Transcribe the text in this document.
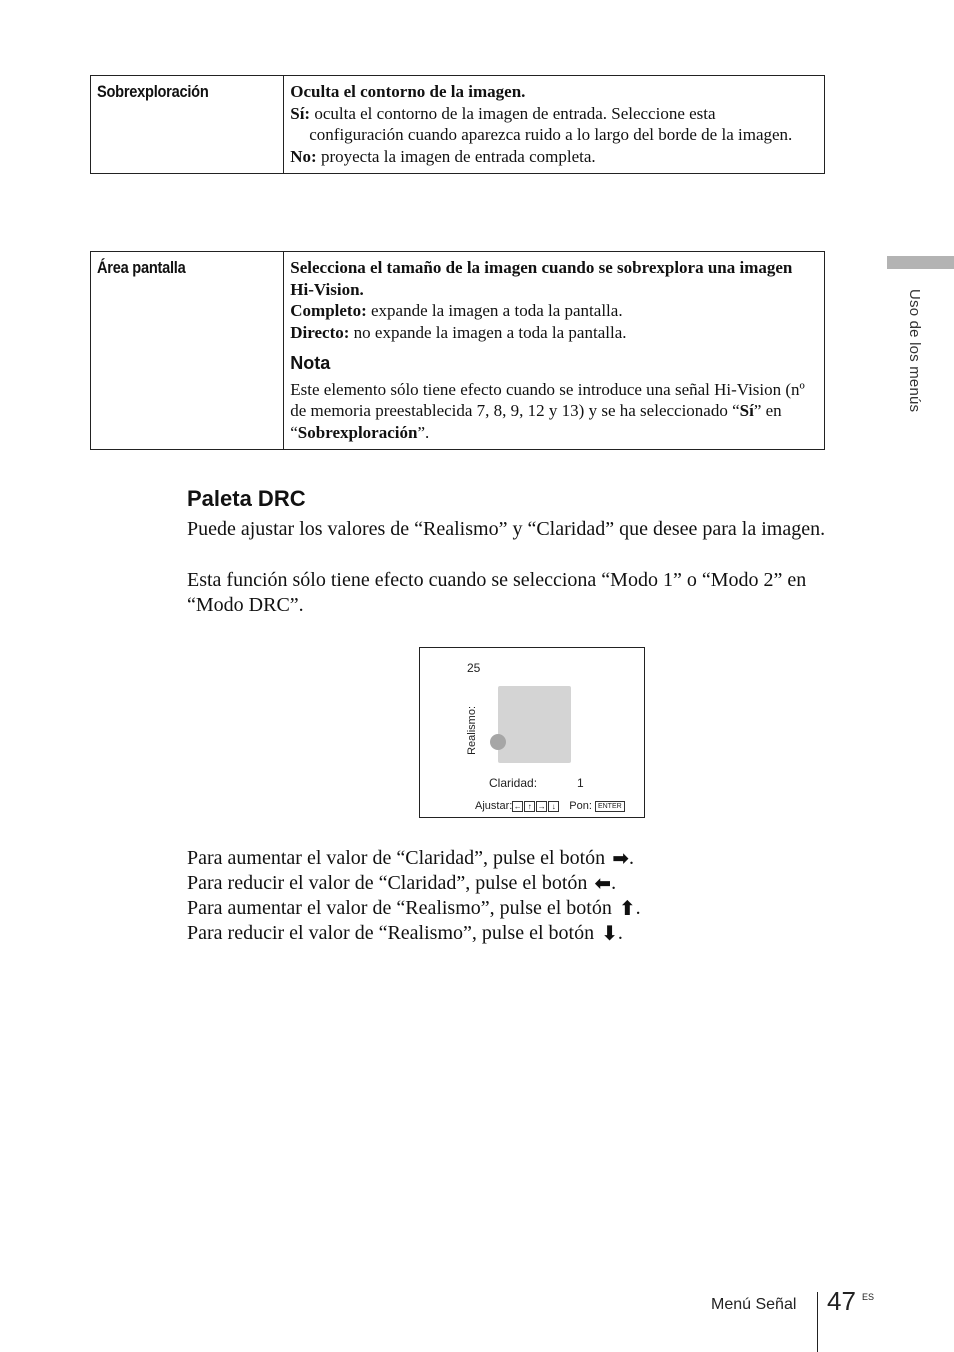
Sobrexploración	Oculta el contorno de la imagen.
Sí: oculta el contorno de la imagen de entrada. Seleccione esta
configuración cuando aparezca ruido a lo largo del borde de la imagen.
No: proyecta la imagen de entrada completa.
Área pantalla	Selecciona el tamaño de la imagen cuando se sobrexplora una imagen Hi-Vision.
Completo: expande la imagen a toda la pantalla.
Directo: no expande la imagen a toda la pantalla.
Nota
Este elemento sólo tiene efecto cuando se introduce una señal Hi-Vision (nº de memoria preestablecida 7, 8, 9, 12 y 13) y se ha seleccionado “Sí” en “Sobrexploración”.
Uso de los menús
Paleta DRC

Puede ajustar los valores de “Realismo” y “Claridad” que desee para la imagen.

Esta función sólo tiene efecto cuando se selecciona “Modo 1” o “Modo 2” en “Modo DRC”.

25
Realismo:
Claridad:	1
Ajustar: ← ↑ → ↓	Pon: ENTER
Para aumentar el valor de “Claridad”, pulse el botón ➡.
Para reducir el valor de “Claridad”, pulse el botón ⬅.
Para aumentar el valor de “Realismo”, pulse el botón ⬆.
Para reducir el valor de “Realismo”, pulse el botón ⬇.
Menú Señal 47 ES
